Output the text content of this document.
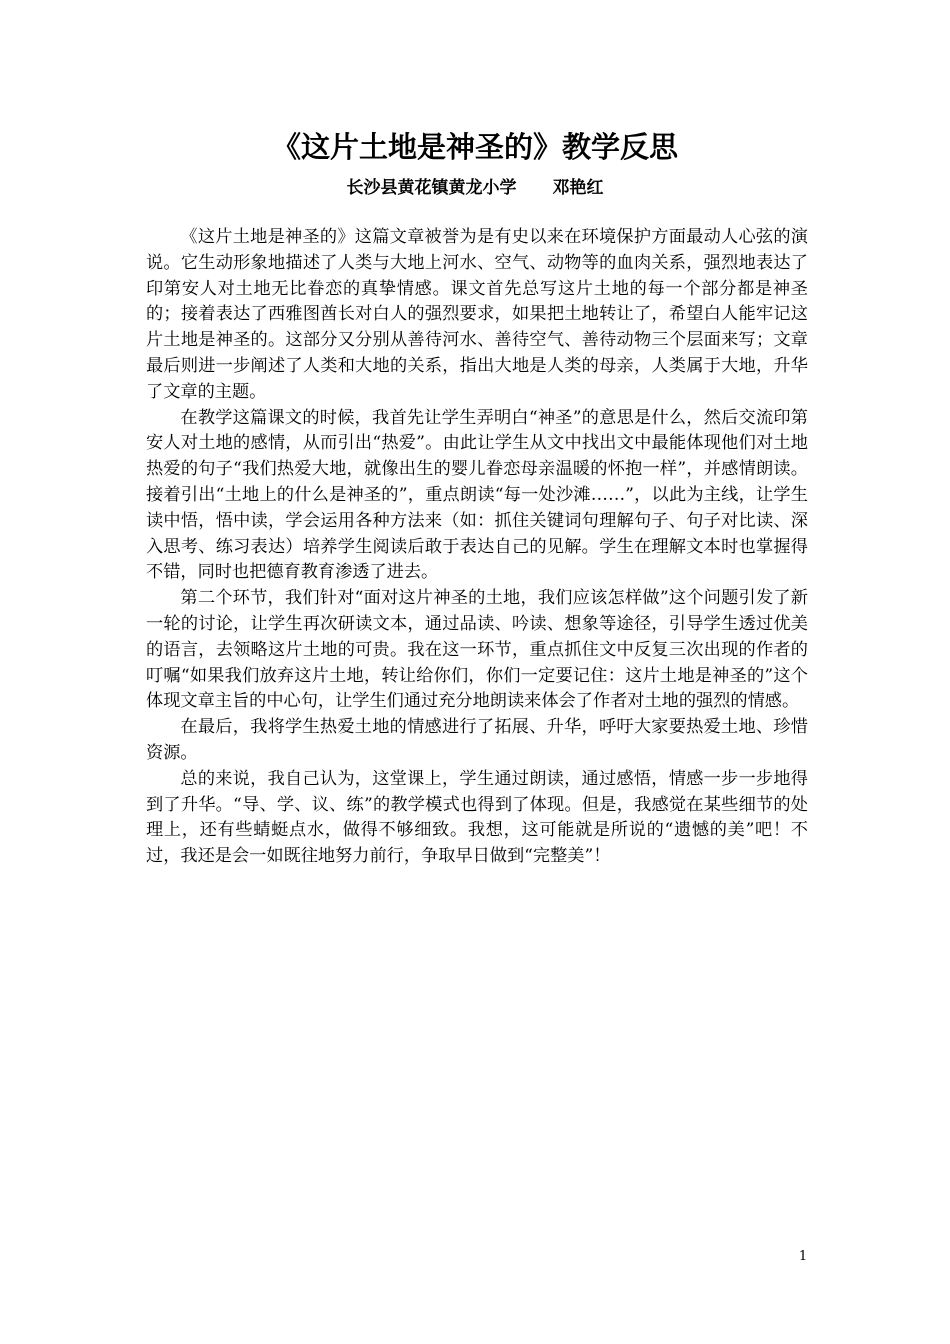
《这片土地是神圣的》教学反思
长沙县黄花镇黄龙小学 邓艳红

《这片土地是神圣的》这篇文章被誉为是有史以来在环境保护方面最动人心弦的演说。它生动形象地描述了人类与大地上河水、空气、动物等的血肉关系，强烈地表达了印第安人对土地无比眷恋的真挚情感。课文首先总写这片土地的每一个部分都是神圣的；接着表达了西雅图酋长对白人的强烈要求，如果把土地转让了，希望白人能牢记这片土地是神圣的。这部分又分别从善待河水、善待空气、善待动物三个层面来写；文章最后则进一步阐述了人类和大地的关系，指出大地是人类的母亲，人类属于大地，升华了文章的主题。

在教学这篇课文的时候，我首先让学生弄明白“神圣”的意思是什么，然后交流印第安人对土地的感情，从而引出“热爱”。由此让学生从文中找出文中最能体现他们对土地热爱的句子“我们热爱大地，就像出生的婴儿眷恋母亲温暖的怀抱一样”，并感情朗读。接着引出“土地上的什么是神圣的”，重点朗读“每一处沙滩……”，以此为主线，让学生读中悟，悟中读，学会运用各种方法来（如：抓住关键词句理解句子、句子对比读、深入思考、练习表达）培养学生阅读后敢于表达自己的见解。学生在理解文本时也掌握得不错，同时也把德育教育渗透了进去。

第二个环节，我们针对“面对这片神圣的土地，我们应该怎样做”这个问题引发了新一轮的讨论，让学生再次研读文本，通过品读、吟读、想象等途径，引导学生透过优美的语言，去领略这片土地的可贵。我在这一环节，重点抓住文中反复三次出现的作者的叮嘱“如果我们放弃这片土地，转让给你们，你们一定要记住：这片土地是神圣的”这个体现文章主旨的中心句，让学生们通过充分地朗读来体会了作者对土地的强烈的情感。

在最后，我将学生热爱土地的情感进行了拓展、升华，呼吁大家要热爱土地、珍惜资源。

总的来说，我自己认为，这堂课上，学生通过朗读，通过感悟，情感一步一步地得到了升华。“导、学、议、练”的教学模式也得到了体现。但是，我感觉在某些细节的处理上，还有些蜻蜓点水，做得不够细致。我想，这可能就是所说的“遗憾的美”吧！不过，我还是会一如既往地努力前行，争取早日做到“完整美”！

1
